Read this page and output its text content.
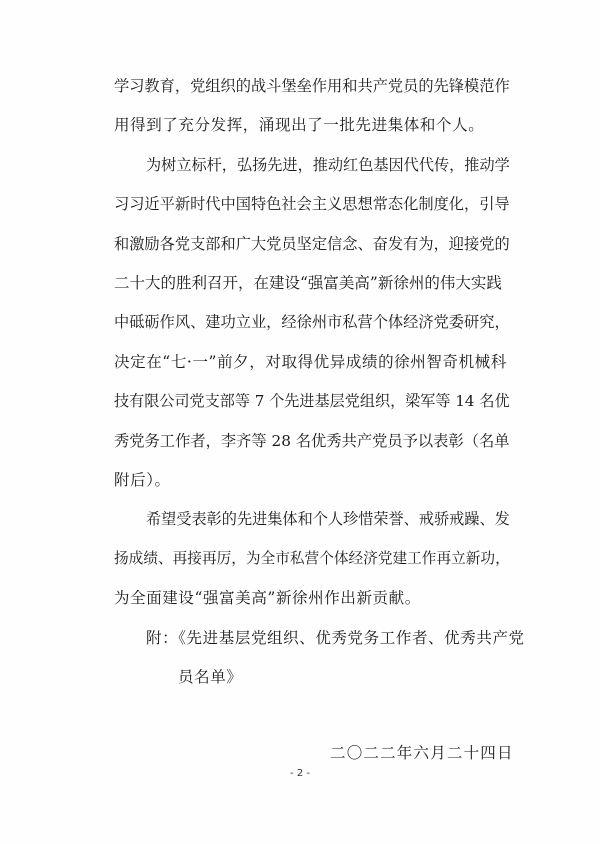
学习教育，党组织的战斗堡垒作用和共产党员的先锋模范作
用得到了充分发挥，涌现出了一批先进集体和个人。
为树立标杆，弘扬先进，推动红色基因代代传，推动学
习习近平新时代中国特色社会主义思想常态化制度化，引导
和激励各党支部和广大党员坚定信念、奋发有为，迎接党的
二十大的胜利召开，在建设“强富美高”新徐州的伟大实践
中砥砺作风、建功立业，经徐州市私营个体经济党委研究，
决定在“七·一”前夕，对取得优异成绩的徐州智奇机械科
技有限公司党支部等 7 个先进基层党组织，梁军等 14 名优
秀党务工作者，李齐等 28 名优秀共产党员予以表彰（名单
附后）。
希望受表彰的先进集体和个人珍惜荣誉、戒骄戒躁、发
扬成绩、再接再厉，为全市私营个体经济党建工作再立新功，
为全面建设“强富美高”新徐州作出新贡献。
附：《先进基层党组织、优秀党务工作者、优秀共产党
员名单》
二〇二二年六月二十四日
- 2 -
